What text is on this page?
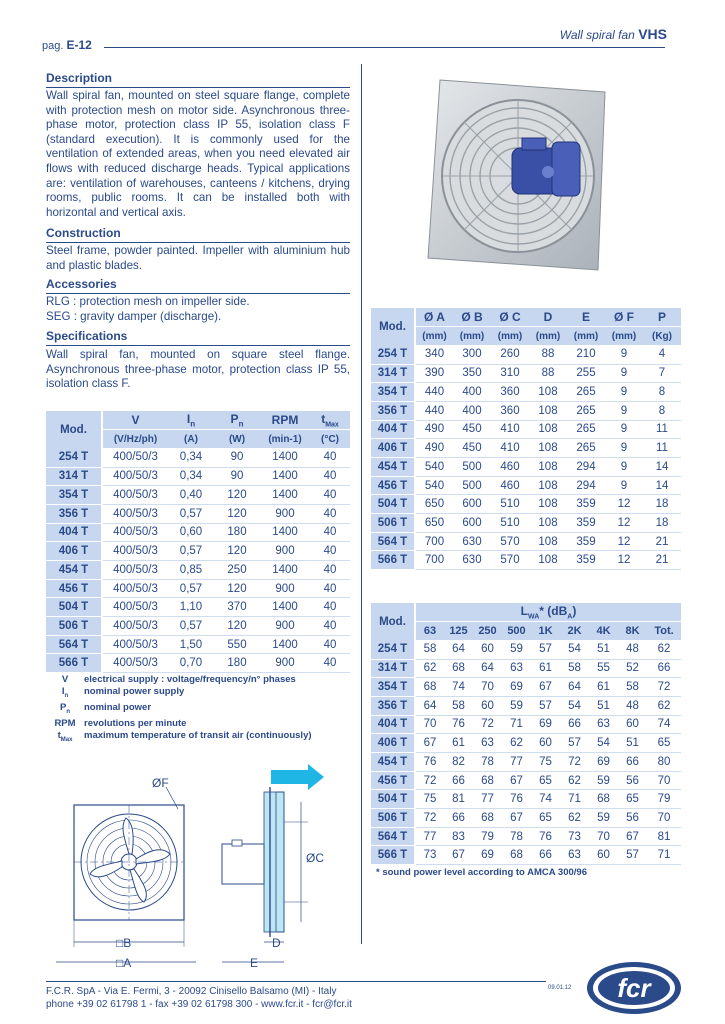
pag. E-12
Wall spiral fan VHS
Description
Wall spiral fan, mounted on steel square flange, complete with protection mesh on motor side. Asynchronous three-phase motor, protection class IP 55, isolation class F (standard execution). It is commonly used for the ventilation of extended areas, when you need elevated air flows with reduced discharge heads. Typical applications are: ventilation of warehouses, canteens / kitchens, drying rooms, public rooms. It can be installed both with horizontal and vertical axis.
Construction
Steel frame, powder painted. Impeller with aluminium hub and plastic blades.
Accessories
RLG : protection mesh on impeller side.
SEG : gravity damper (discharge).
Specifications
Wall spiral fan, mounted on square steel flange. Asynchronous three-phase motor, protection class IP 55, isolation class F.
Mod.	V	$I_n$	$P_n$	RPM	$t_{Max}$
	(V/Hz/ph)	(A)	(W)	(min-1)	(°C)
254 T	400/50/3	0,34	90	1400	40
314 T	400/50/3	0,34	90	1400	40
354 T	400/50/3	0,40	120	1400	40
356 T	400/50/3	0,57	120	900	40
404 T	400/50/3	0,60	180	1400	40
406 T	400/50/3	0,57	120	900	40
454 T	400/50/3	0,85	250	1400	40
456 T	400/50/3	0,57	120	900	40
504 T	400/50/3	1,10	370	1400	40
506 T	400/50/3	0,57	120	900	40
564 T	400/50/3	1,50	550	1400	40
566 T	400/50/3	0,70	180	900	40
V	electrical supply : voltage/frequency/n° phases
$I_n$	nominal power supply
$P_n$	nominal power
RPM revolutions per minute
$t_{Max}$	maximum temperature of transit air (continuously)
ØF
□B
□A
ØC
D
E
Mod.	Ø A	Ø B	Ø C	D	E	Ø F	P
	(mm)	(mm)	(mm)	(mm)	(mm)	(mm)	(Kg)
254 T	340	300	260	88	210	9	4
314 T	390	350	310	88	255	9	7
354 T	440	400	360	108	265	9	8
356 T	440	400	360	108	265	9	8
404 T	490	450	410	108	265	9	11
406 T	490	450	410	108	265	9	11
454 T	540	500	460	108	294	9	14
456 T	540	500	460	108	294	9	14
504 T	650	600	510	108	359	12	18
506 T	650	600	510	108	359	12	18
564 T	700	630	570	108	359	12	21
566 T	700	630	570	108	359	12	21
Mod.	$L_{WA}*$ $(dB_A)$								
	63	125	250	500	1K	2K	4K	8K	Tot.
254 T	58	64	60	59	57	54	51	48	62
314 T	62	68	64	63	61	58	55	52	66
354 T	68	74	70	69	67	64	61	58	72
356 T	64	58	60	59	57	54	51	48	62
404 T	70	76	72	71	69	66	63	60	74
406 T	67	61	63	62	60	57	54	51	65
454 T	76	82	78	77	75	72	69	66	80
456 T	72	66	68	67	65	62	59	56	70
504 T	75	81	77	76	74	71	68	65	79
506 T	72	66	68	67	65	62	59	56	70
564 T	77	83	79	78	76	73	70	67	81
566 T	73	67	69	68	66	63	60	57	71
* sound power level according to AMCA 300/96
F.C.R. SpA - Via E. Fermi, 3 - 20092 Cinisello Balsamo (MI) - Italy
phone +39 02 61798 1 - fax +39 02 61798 300 - www.fcr.it - fcr@fcr.it
09.01.12 fcr
